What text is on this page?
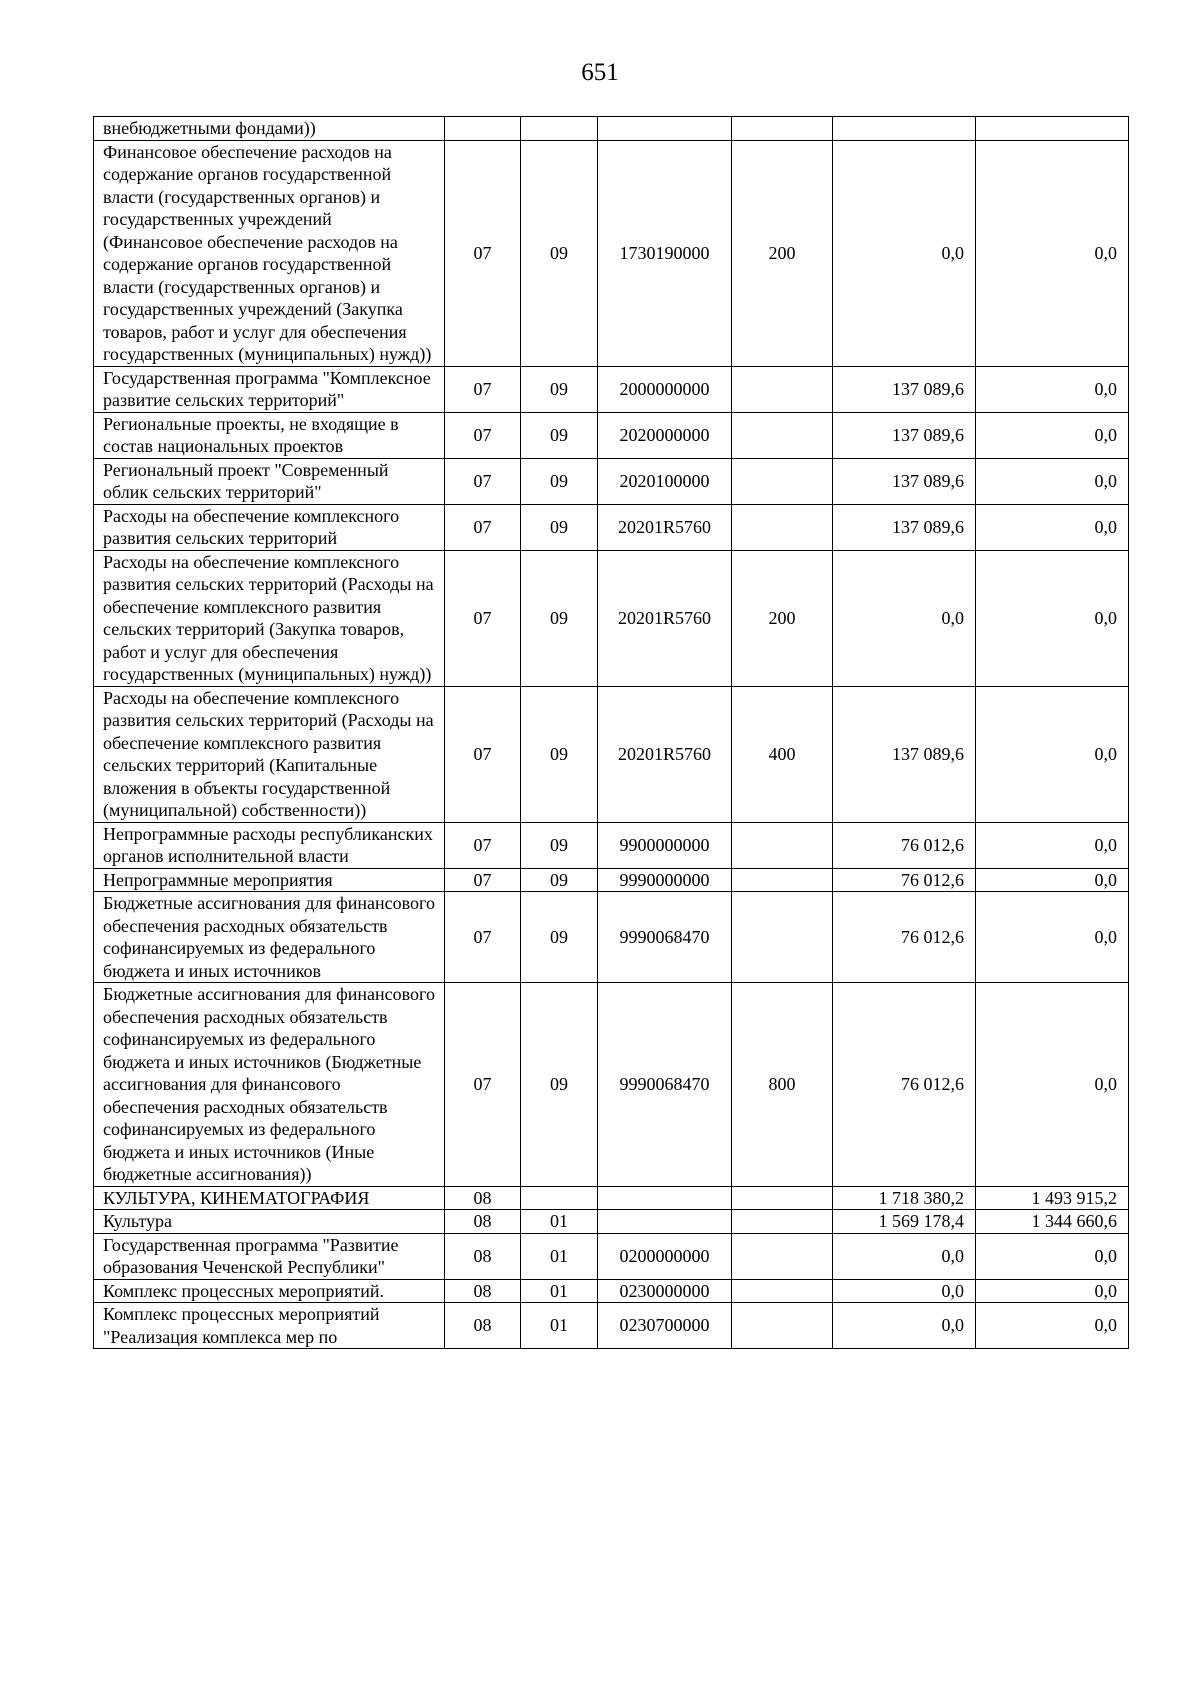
651
внебюджетными фондами))						
Финансовое обеспечение расходов на содержание органов государственной власти (государственных органов) и государственных учреждений (Финансовое обеспечение расходов на содержание органов государственной власти (государственных органов) и государственных учреждений (Закупка товаров, работ и услуг для обеспечения государственных (муниципальных) нужд))	07	09	1730190000	200	0,0	0,0
Государственная программа "Комплексное развитие сельских территорий"	07	09	2000000000		137 089,6	0,0
Региональные проекты, не входящие в состав национальных проектов	07	09	2020000000		137 089,6	0,0
Региональный проект "Современный облик сельских территорий"	07	09	2020100000		137 089,6	0,0
Расходы на обеспечение комплексного развития сельских территорий	07	09	20201R5760		137 089,6	0,0
Расходы на обеспечение комплексного развития сельских территорий (Расходы на обеспечение комплексного развития сельских территорий (Закупка товаров, работ и услуг для обеспечения государственных (муниципальных) нужд))	07	09	20201R5760	200	0,0	0,0
Расходы на обеспечение комплексного развития сельских территорий (Расходы на обеспечение комплексного развития сельских территорий (Капитальные вложения в объекты государственной (муниципальной) собственности))	07	09	20201R5760	400	137 089,6	0,0
Непрограммные расходы республиканских органов исполнительной власти	07	09	9900000000		76 012,6	0,0
Непрограммные мероприятия	07	09	9990000000		76 012,6	0,0
Бюджетные ассигнования для финансового обеспечения расходных обязательств софинансируемых из федерального бюджета и иных источников	07	09	9990068470		76 012,6	0,0
Бюджетные ассигнования для финансового обеспечения расходных обязательств софинансируемых из федерального бюджета и иных источников (Бюджетные ассигнования для финансового обеспечения расходных обязательств софинансируемых из федерального бюджета и иных источников (Иные бюджетные ассигнования))	07	09	9990068470	800	76 012,6	0,0
КУЛЬТУРА, КИНЕМАТОГРАФИЯ	08				1 718 380,2	1 493 915,2
Культура	08	01			1 569 178,4	1 344 660,6
Государственная программа "Развитие образования Чеченской Республики"	08	01	0200000000		0,0	0,0
Комплекс процессных мероприятий.	08	01	0230000000		0,0	0,0
Комплекс процессных мероприятий "Реализация комплекса мер по	08	01	0230700000		0,0	0,0
